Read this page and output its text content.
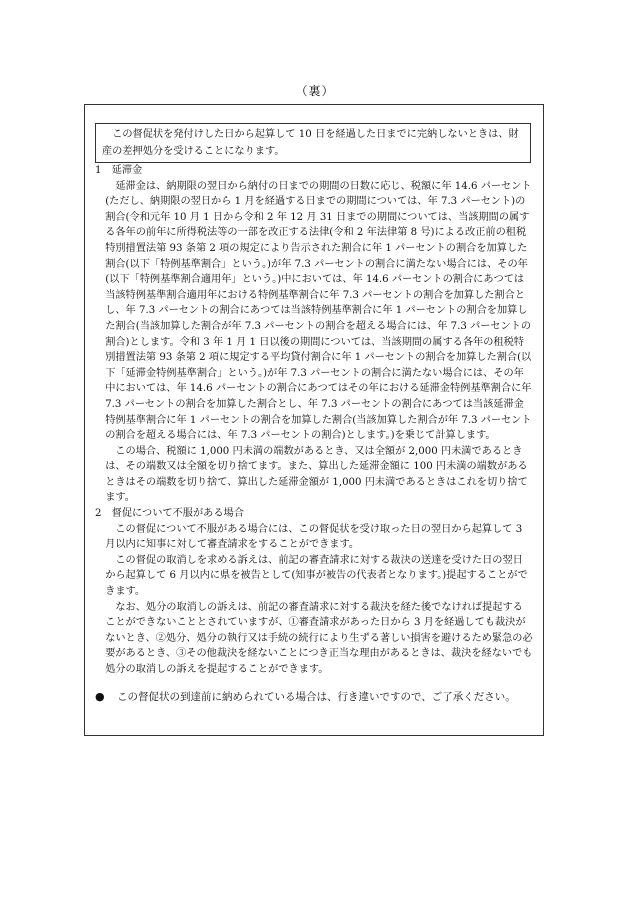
（裏）

この督促状を発付けした日から起算して 10 日を経過した日までに完納しないときは、財産の差押処分を受けることになります。

1　延滞金

延滞金は、納期限の翌日から納付の日までの期間の日数に応じ、税額に年 14.6 パーセント(ただし、納期限の翌日から 1 月を経過する日までの期間については、年 7.3 パーセント)の割合(令和元年 10 月 1 日から令和 2 年 12 月 31 日までの期間については、当該期間の属する各年の前年に所得税法等の一部を改正する法律(令和 2 年法律第 8 号)による改正前の租税特別措置法第 93 条第 2 項の規定により告示された割合に年 1 パーセントの割合を加算した割合(以下「特例基準割合」という。)が年 7.3 パーセントの割合に満たない場合には、その年(以下「特例基準割合適用年」という。)中においては、年 14.6 パーセントの割合にあつては当該特例基準割合適用年における特例基準割合に年 7.3 パーセントの割合を加算した割合とし、年 7.3 パーセントの割合にあつては当該特例基準割合に年 1 パーセントの割合を加算した割合(当該加算した割合が年 7.3 パーセントの割合を超える場合には、年 7.3 パーセントの割合)とします。令和 3 年 1 月 1 日以後の期間については、当該期間の属する各年の租税特別措置法第 93 条第 2 項に規定する平均貸付割合に年 1 パーセントの割合を加算した割合(以下「延滞金特例基準割合」という。)が年 7.3 パーセントの割合に満たない場合には、その年中においては、年 14.6 パーセントの割合にあつてはその年における延滞金特例基準割合に年 7.3 パーセントの割合を加算した割合とし、年 7.3 パーセントの割合にあつては当該延滞金特例基準割合に年 1 パーセントの割合を加算した割合(当該加算した割合が年 7.3 パーセントの割合を超える場合には、年 7.3 パーセントの割合)とします。)を乗じて計算します。

この場合、税額に 1,000 円未満の端数があるとき、又は全額が 2,000 円未満であるときは、その端数又は全額を切り捨てます。また、算出した延滞金額に 100 円未満の端数があるときはその端数を切り捨て、算出した延滞金額が 1,000 円未満であるときはこれを切り捨てます。

2　督促について不服がある場合

この督促について不服がある場合には、この督促状を受け取った日の翌日から起算して 3 月以内に知事に対して審査請求をすることができます。

この督促の取消しを求める訴えは、前記の審査請求に対する裁決の送達を受けた日の翌日から起算して 6 月以内に県を被告として(知事が被告の代表者となります。)提起することができます。

なお、処分の取消しの訴えは、前記の審査請求に対する裁決を経た後でなければ提起することができないこととされていますが、①審査請求があった日から 3 月を経過しても裁決がないとき、②処分、処分の執行又は手続の続行により生ずる著しい損害を避けるため緊急の必要があるとき、③その他裁決を経ないことにつき正当な理由があるときは、裁決を経ないでも処分の取消しの訴えを提起することができます。

●	この督促状の到達前に納められている場合は、行き違いですので、ご了承ください。
